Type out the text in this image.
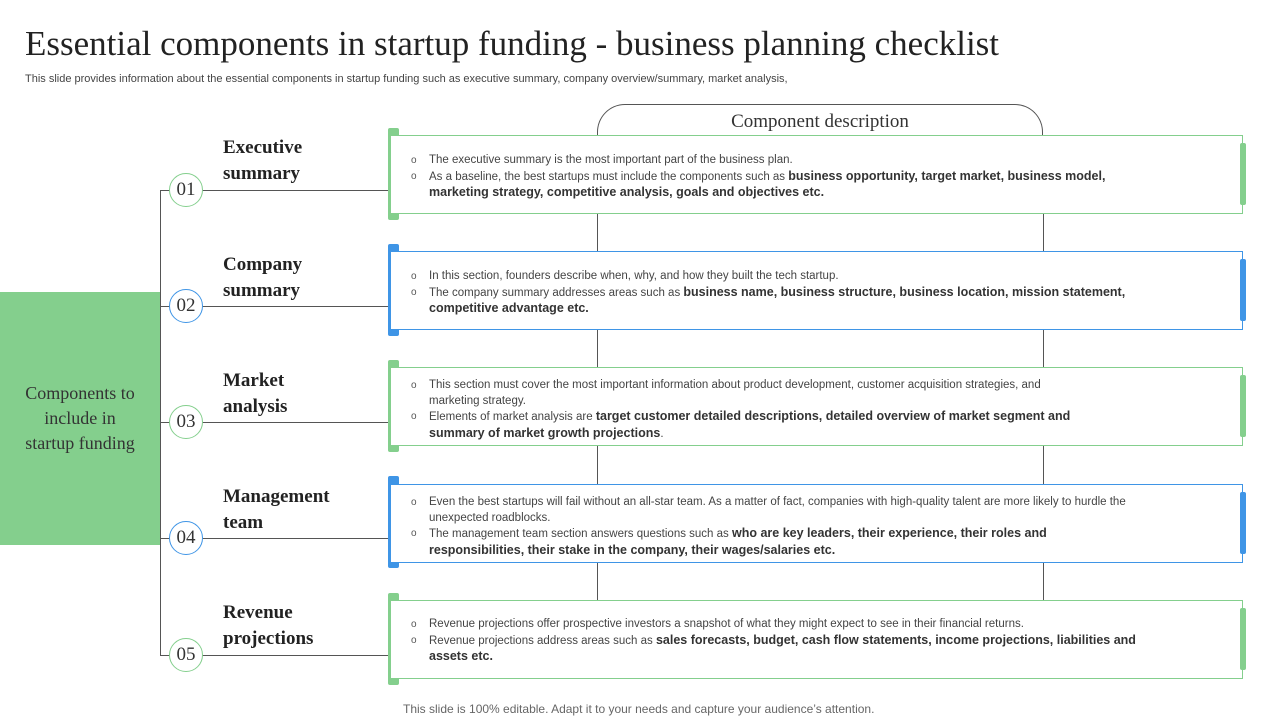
Essential components in startup funding - business planning checklist
This slide provides information about the essential components in startup funding such as executive summary, company overview/summary, market analysis,
Components to include in startup funding
Component description
01
Executive
summary
o The executive summary is the most important part of the business plan.
o As a baseline, the best startups must include the components such as business opportunity, target market, business model, marketing strategy, competitive analysis, goals and objectives etc.
02
Company
summary
o In this section, founders describe when, why, and how they built the tech startup.
o The company summary addresses areas such as business name, business structure, business location, mission statement, competitive advantage etc.
03
Market
analysis
o This section must cover the most important information about product development, customer acquisition strategies, and marketing strategy.
o Elements of market analysis are target customer detailed descriptions, detailed overview of market segment and summary of market growth projections.
04
Management
team
o Even the best startups will fail without an all-star team. As a matter of fact, companies with high-quality talent are more likely to hurdle the unexpected roadblocks.
o The management team section answers questions such as who are key leaders, their experience, their roles and responsibilities, their stake in the company, their wages/salaries etc.
05
Revenue
projections
o Revenue projections offer prospective investors a snapshot of what they might expect to see in their financial returns.
o Revenue projections address areas such as sales forecasts, budget, cash flow statements, income projections, liabilities and assets etc.
This slide is 100% editable. Adapt it to your needs and capture your audience’s attention.
